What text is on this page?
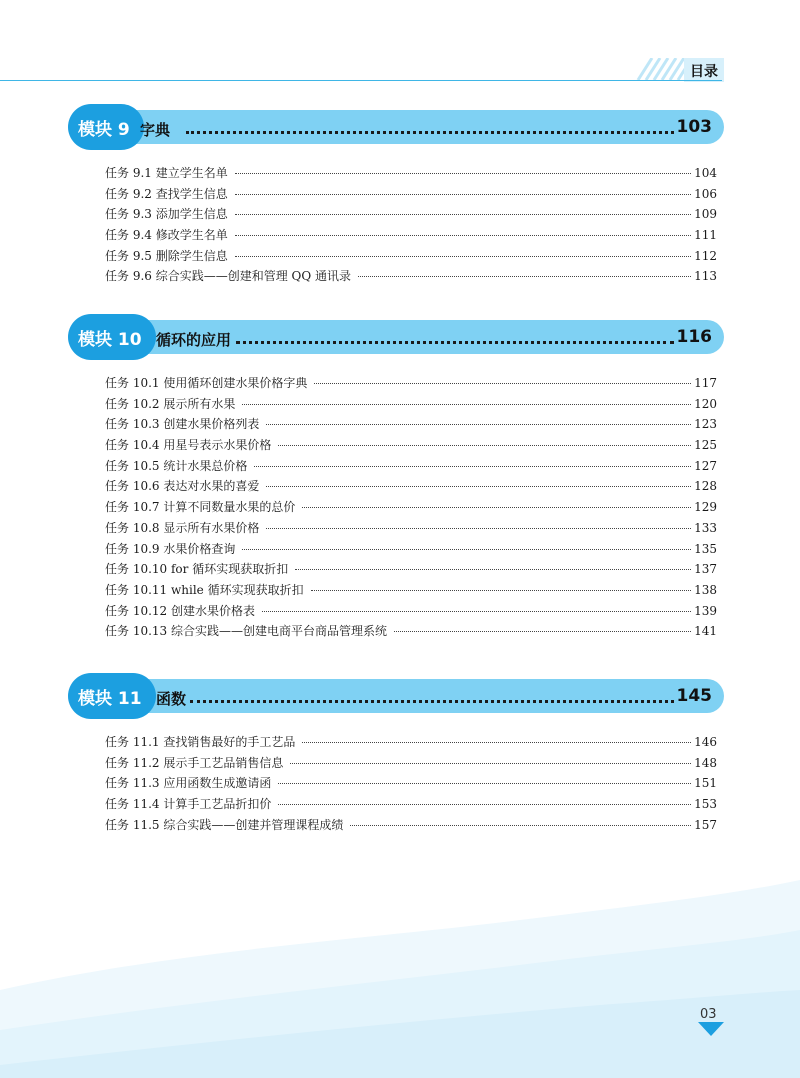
目录
模块 9 字典	103
任务 9.1 建立学生名单	104
任务 9.2 查找学生信息	106
任务 9.3 添加学生信息	109
任务 9.4 修改学生名单	111
任务 9.5 删除学生信息	112
任务 9.6 综合实践——创建和管理 QQ 通讯录	113
模块 10 循环的应用	116
任务 10.1 使用循环创建水果价格字典	117
任务 10.2 展示所有水果	120
任务 10.3 创建水果价格列表	123
任务 10.4 用星号表示水果价格	125
任务 10.5 统计水果总价格	127
任务 10.6 表达对水果的喜爱	128
任务 10.7 计算不同数量水果的总价	129
任务 10.8 显示所有水果价格	133
任务 10.9 水果价格查询	135
任务 10.10 for 循环实现获取折扣	137
任务 10.11 while 循环实现获取折扣	138
任务 10.12 创建水果价格表	139
任务 10.13 综合实践——创建电商平台商品管理系统	141
模块 11 函数	145
任务 11.1 查找销售最好的手工艺品	146
任务 11.2 展示手工艺品销售信息	148
任务 11.3 应用函数生成邀请函	151
任务 11.4 计算手工艺品折扣价	153
任务 11.5 综合实践——创建并管理课程成绩	157
03
